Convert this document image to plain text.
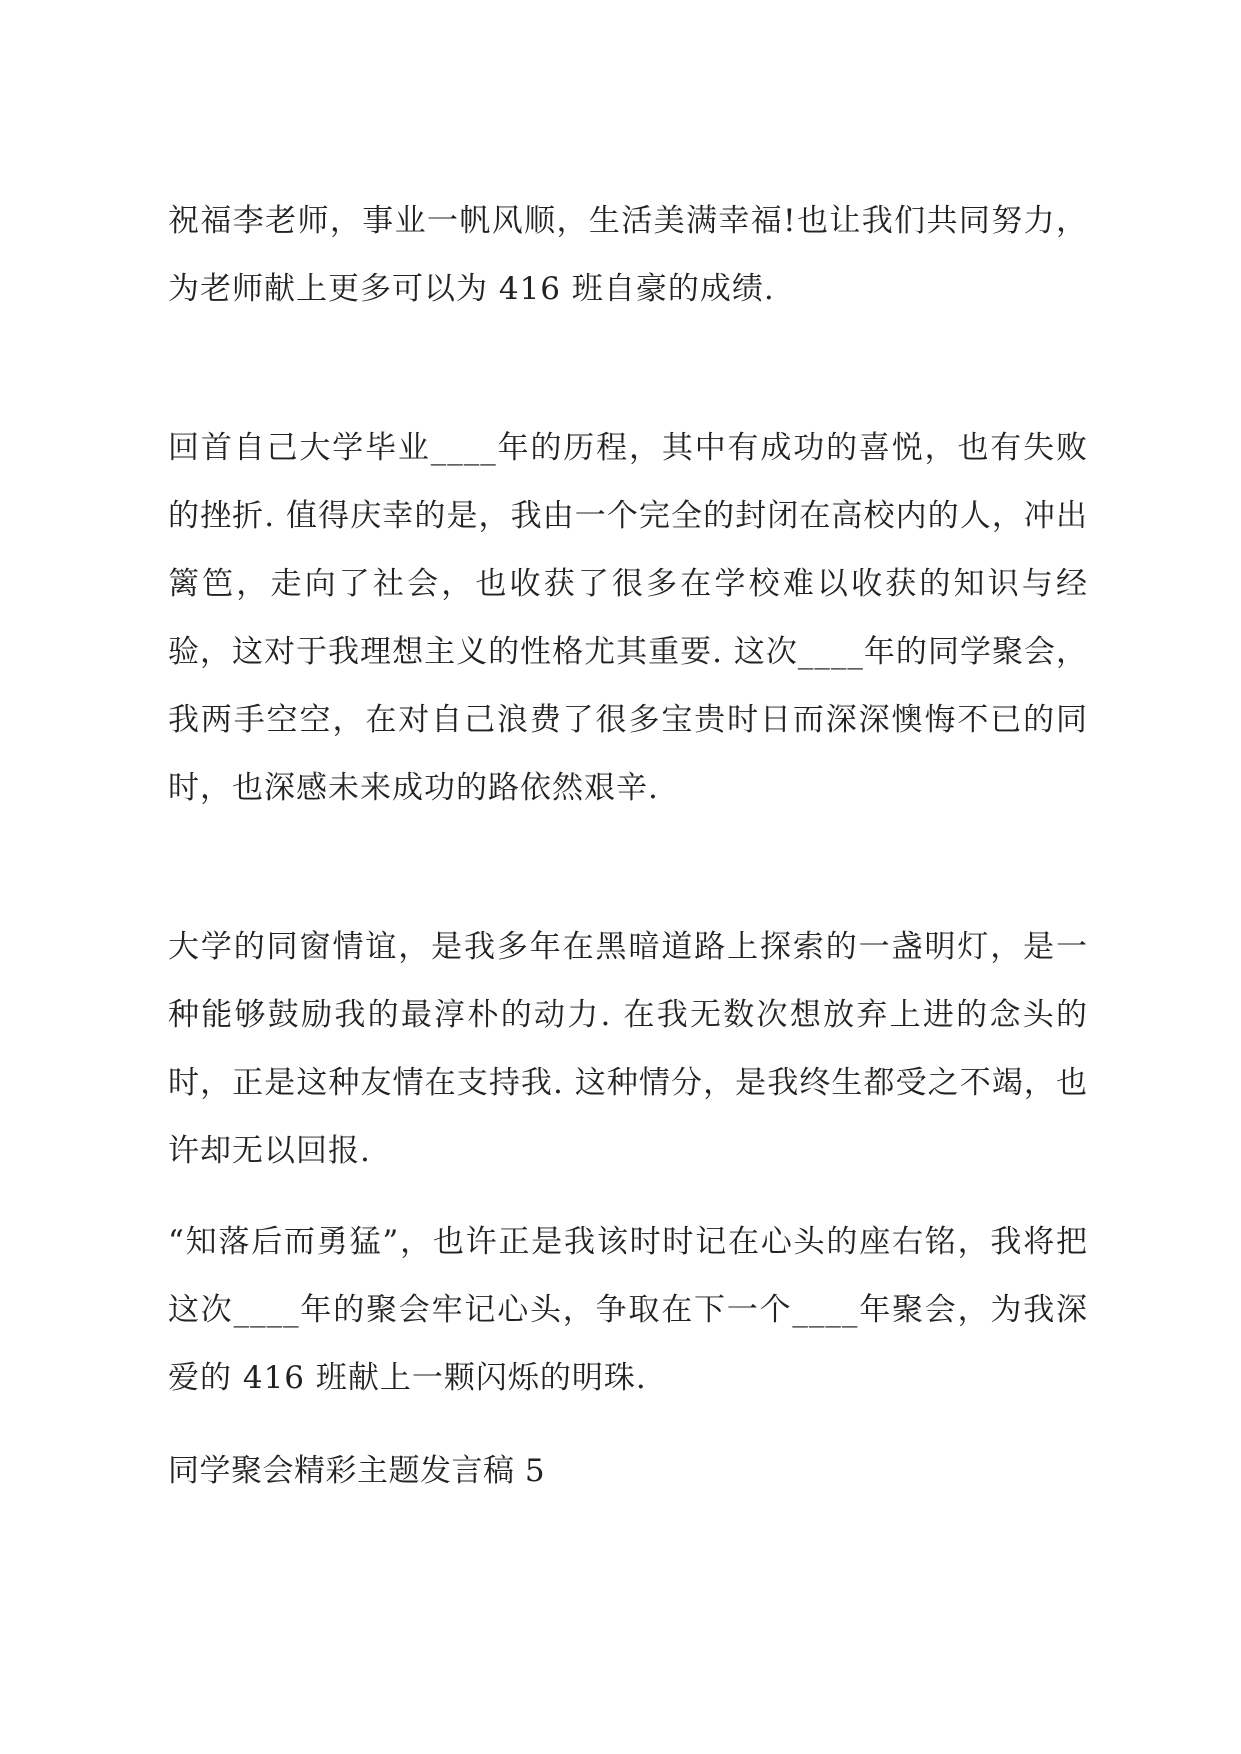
祝福李老师，事业一帆风顺，生活美满幸福!也让我们共同努力，为老师献上更多可以为 416 班自豪的成绩.

回首自己大学毕业____年的历程，其中有成功的喜悦，也有失败的挫折. 值得庆幸的是，我由一个完全的封闭在高校内的人，冲出篱笆，走向了社会，也收获了很多在学校难以收获的知识与经验，这对于我理想主义的性格尤其重要. 这次____年的同学聚会，我两手空空，在对自己浪费了很多宝贵时日而深深懊悔不已的同时，也深感未来成功的路依然艰辛.

大学的同窗情谊，是我多年在黑暗道路上探索的一盏明灯，是一种能够鼓励我的最淳朴的动力. 在我无数次想放弃上进的念头的时，正是这种友情在支持我. 这种情分，是我终生都受之不竭，也许却无以回报.

“知落后而勇猛”，也许正是我该时时记在心头的座右铭，我将把这次____年的聚会牢记心头，争取在下一个____年聚会，为我深爱的 416 班献上一颗闪烁的明珠.

同学聚会精彩主题发言稿 5
